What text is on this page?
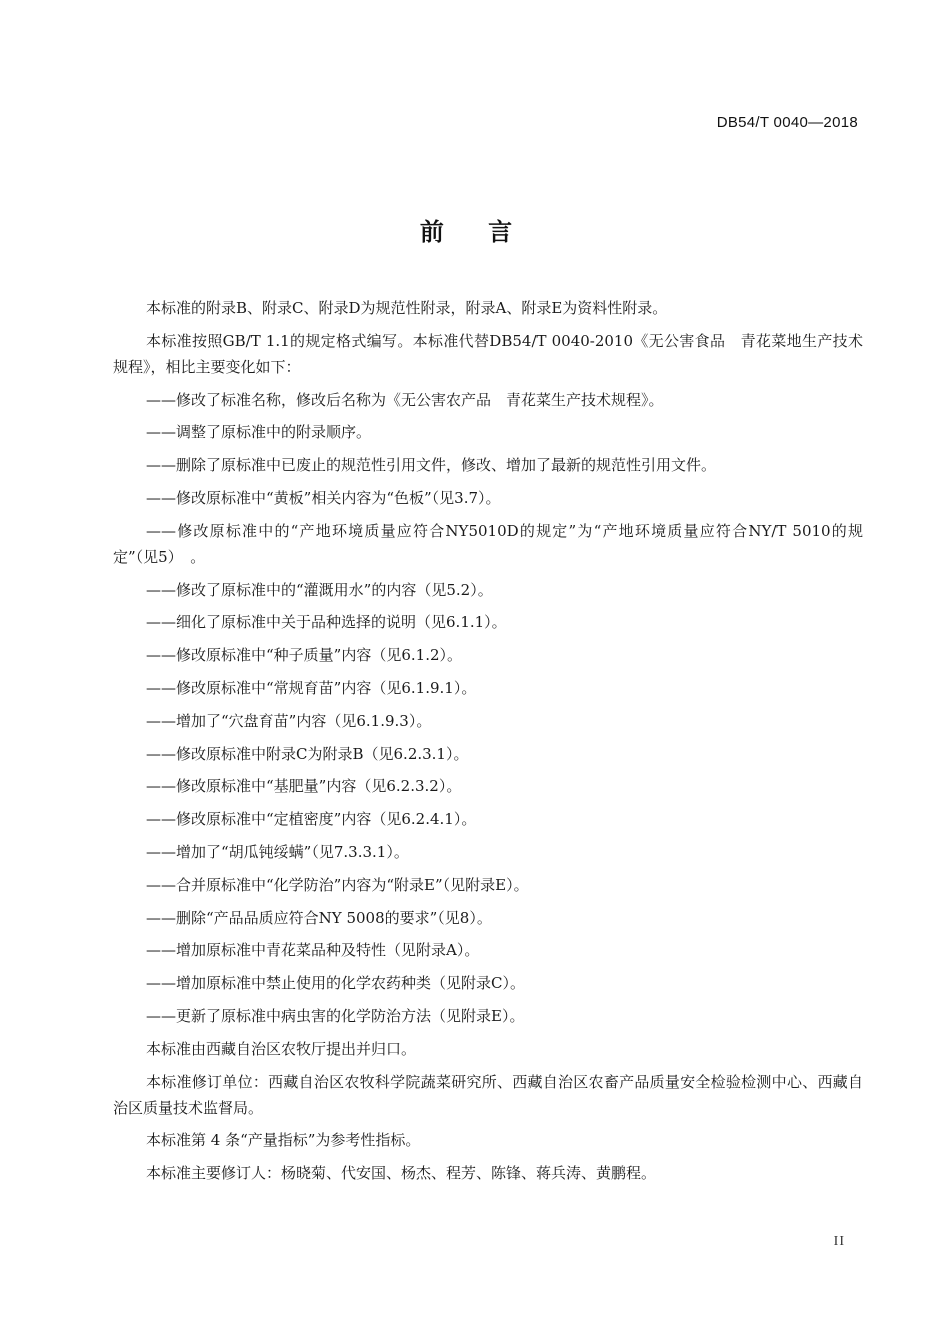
DB54/T 0040—2018
前 言

本标准的附录B、附录C、附录D为规范性附录，附录A、附录E为资料性附录。

本标准按照GB/T 1.1的规定格式编写。本标准代替DB54/T 0040-2010《无公害食品　青花菜地生产技术规程》，相比主要变化如下：

——修改了标准名称，修改后名称为《无公害农产品　青花菜生产技术规程》。

——调整了原标准中的附录顺序。

——删除了原标准中已废止的规范性引用文件，修改、增加了最新的规范性引用文件。

——修改原标准中“黄板”相关内容为“色板”（见3.7）。

——修改原标准中的“产地环境质量应符合NY5010D的规定”为“产地环境质量应符合NY/T 5010的规定”（见5）　。

——修改了原标准中的“灌溉用水”的内容（见5.2）。

——细化了原标准中关于品种选择的说明（见6.1.1）。

——修改原标准中“种子质量”内容（见6.1.2）。

——修改原标准中“常规育苗”内容（见6.1.9.1）。

——增加了“穴盘育苗”内容（见6.1.9.3）。

——修改原标准中附录C为附录B（见6.2.3.1）。

——修改原标准中“基肥量”内容（见6.2.3.2）。

——修改原标准中“定植密度”内容（见6.2.4.1）。

——增加了“胡瓜钝绥螨”（见7.3.3.1）。

——合并原标准中“化学防治”内容为“附录E”（见附录E）。

——删除“产品品质应符合NY 5008的要求”（见8）。

——增加原标准中青花菜品种及特性（见附录A）。

——增加原标准中禁止使用的化学农药种类（见附录C）。

——更新了原标准中病虫害的化学防治方法（见附录E）。

本标准由西藏自治区农牧厅提出并归口。

本标准修订单位：西藏自治区农牧科学院蔬菜研究所、西藏自治区农畜产品质量安全检验检测中心、西藏自治区质量技术监督局。

本标准第 4 条“产量指标”为参考性指标。

本标准主要修订人：杨晓菊、代安国、杨杰、程芳、陈锋、蒋兵涛、黄鹏程。

II
